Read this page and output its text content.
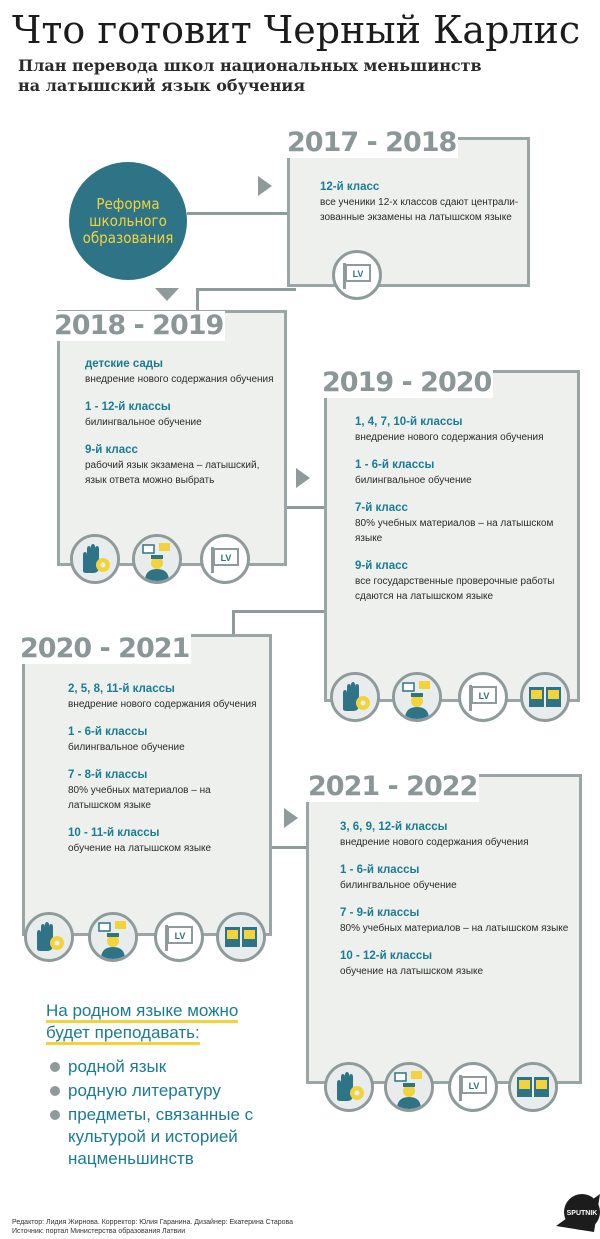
Что готовит Черный Карлис
План перевода школ национальных меньшинств
на латышский язык обучения
Реформа школьного образования
2017 - 2018
12-й класс
все ученики 12-х классов сдают централи-зованные экзамены на латышском языке
2018 - 2019
детские сады
внедрение нового содержания обучения
1 - 12-й классы
билингвальное обучение
9-й класс
рабочий язык экзамена – латышский, язык ответа можно выбрать
2019 - 2020
1, 4, 7, 10-й классы
внедрение нового содержания обучения
1 - 6-й классы
билингвальное обучение
7-й класс
80% учебных материалов – на латышском языке
9-й класс
все государственные проверочные работы сдаются на латышском языке
2020 - 2021
2, 5, 8, 11-й классы
внедрение нового содержания обучения
1 - 6-й классы
билингвальное обучение
7 - 8-й классы
80% учебных материалов – на латышском языке
10 - 11-й классы
обучение на латышском языке
2021 - 2022
3, 6, 9, 12-й классы
внедрение нового содержания обучения
1 - 6-й классы
билингвальное обучение
7 - 9-й классы
80% учебных материалов – на латышском языке
10 - 12-й классы
обучение на латышском языке
LV
LV
LV
LV
LV
На родном языке можно
будет преподавать:
родной язык
родную литературу
предметы, связанные с культурой и историей нацменьшинств
Редактор: Лидия Жирнова. Корректор: Юлия Гаранина. Дизайнер: Екатерина Старова
Источник: портал Министерства образования Латвии
SPUTNIK
